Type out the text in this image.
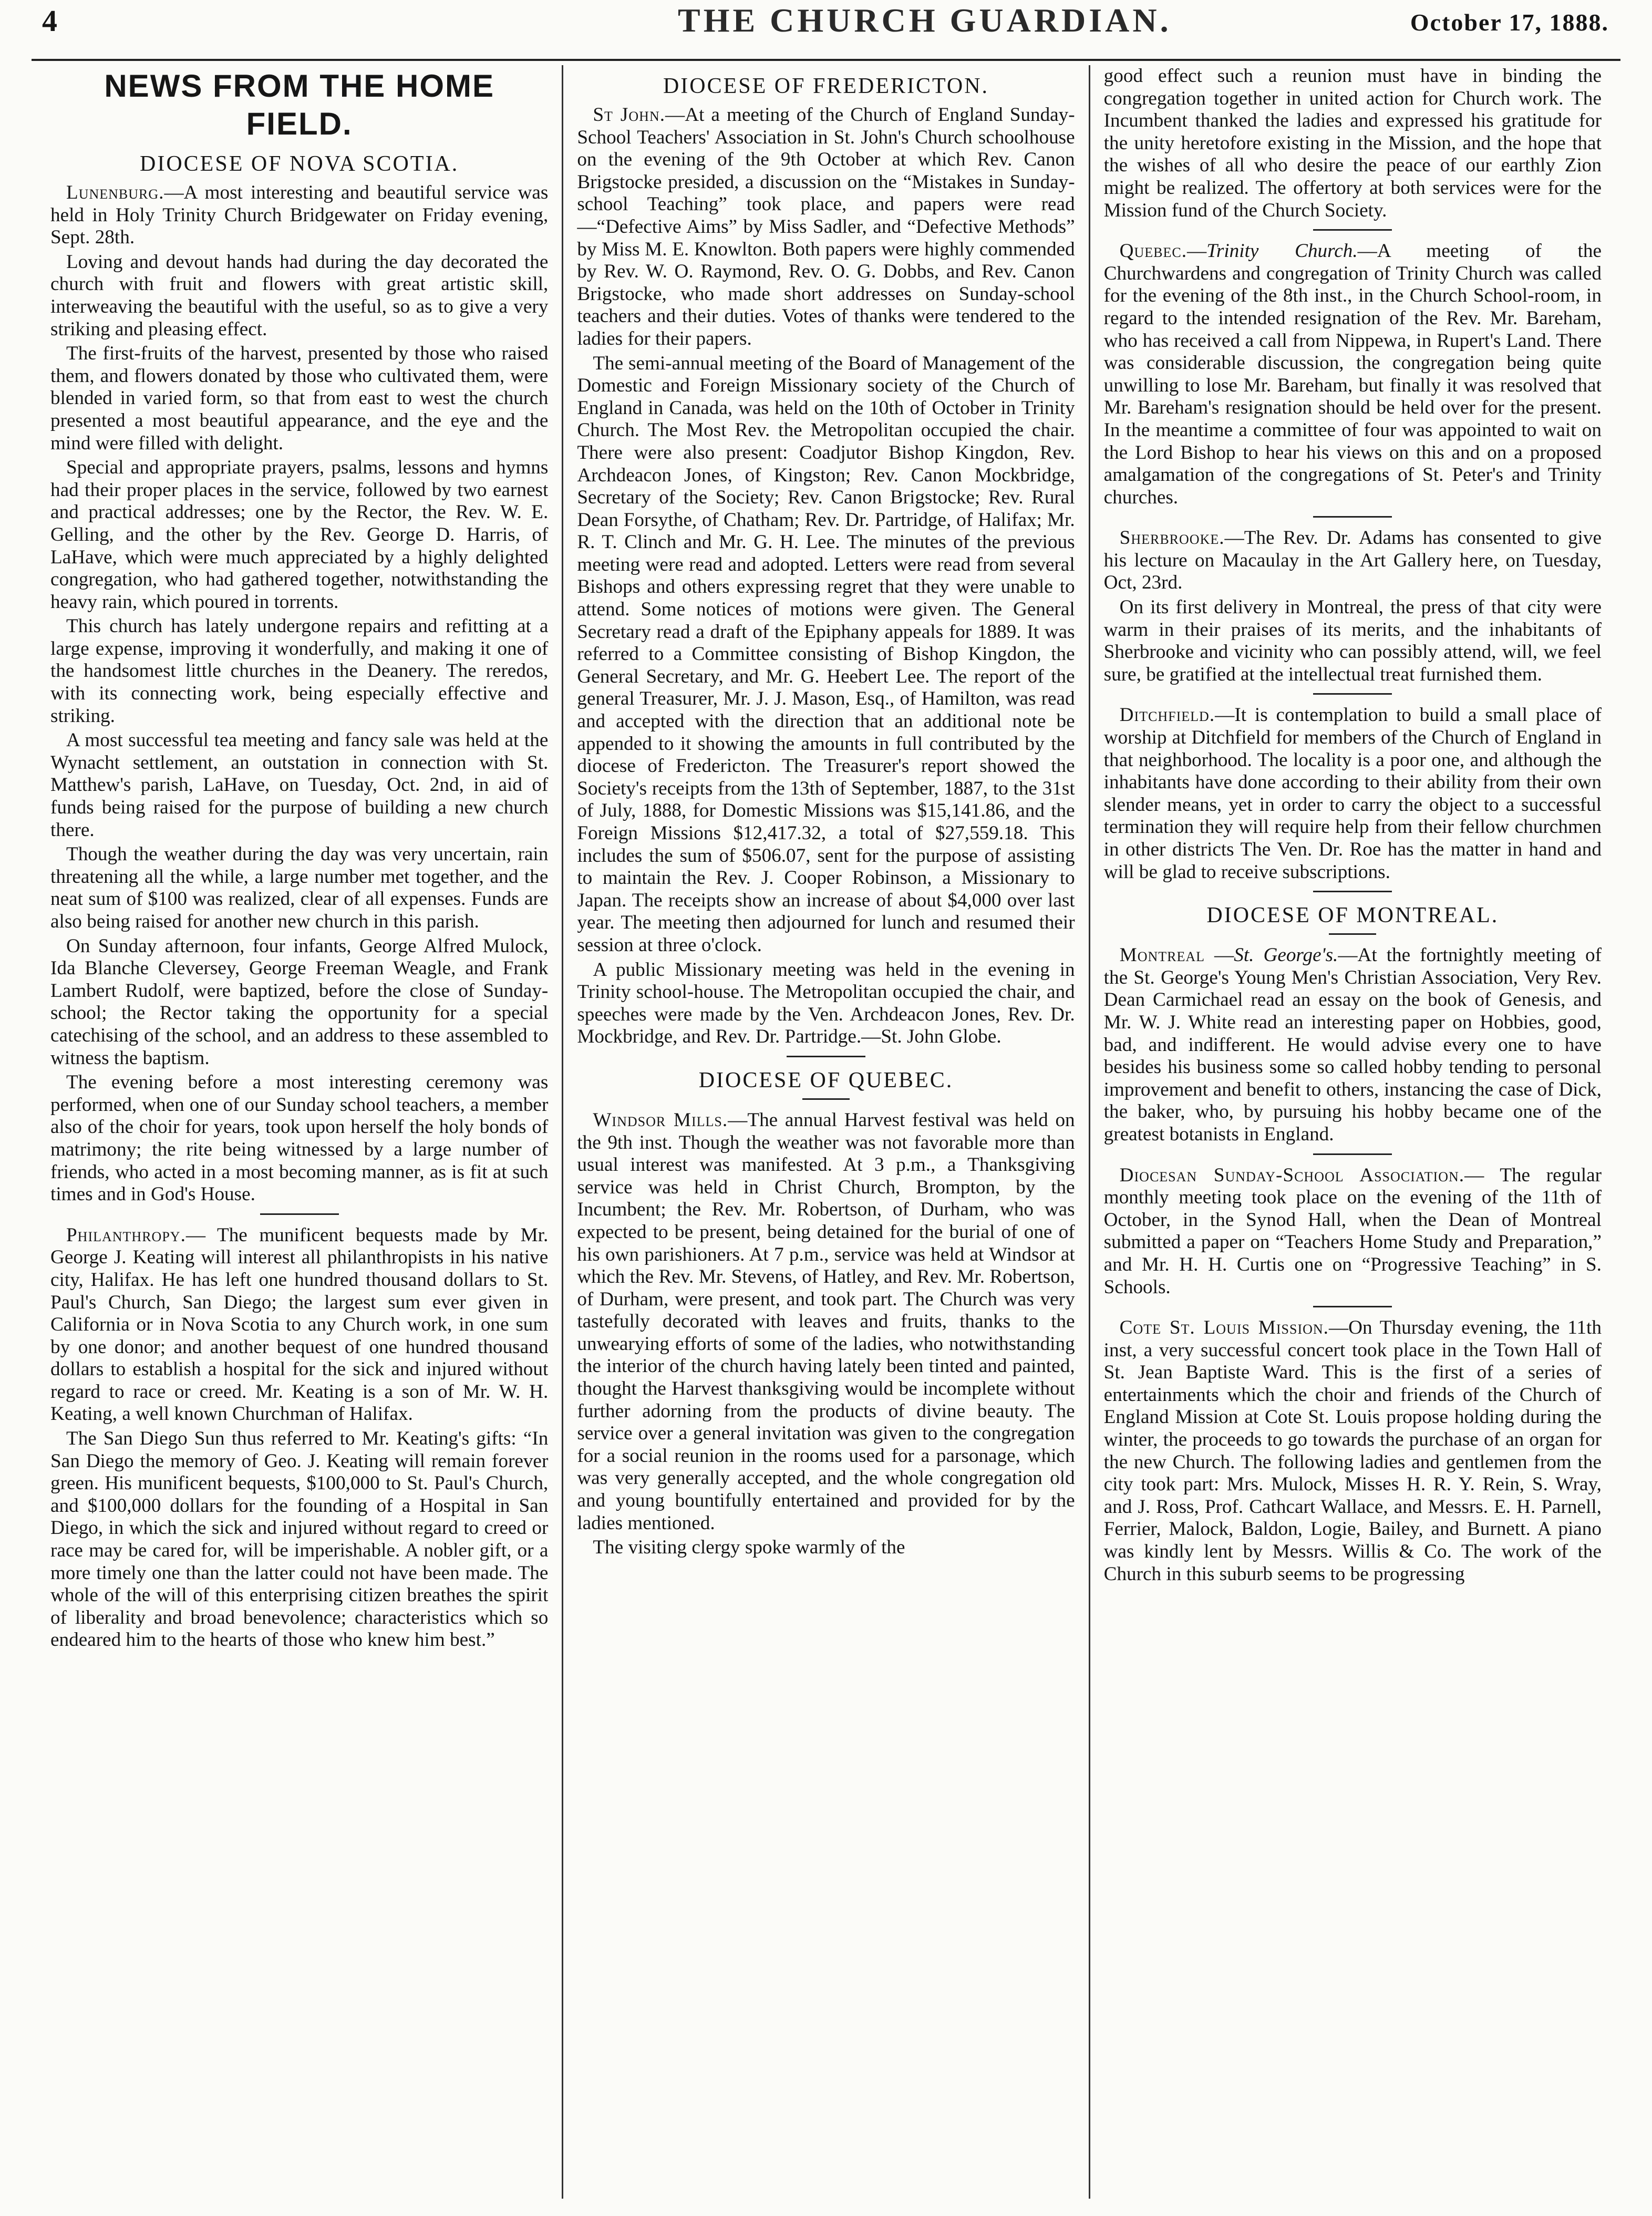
4	THE CHURCH GUARDIAN.	October 17, 1888.
NEWS FROM THE HOME FIELD.
DIOCESE OF NOVA SCOTIA.

Lunenburg.—A most interesting and beautiful service was held in Holy Trinity Church Bridgewater on Friday evening, Sept. 28th.

Loving and devout hands had during the day decorated the church with fruit and flowers with great artistic skill, interweaving the beautiful with the useful, so as to give a very striking and pleasing effect.

The first-fruits of the harvest, presented by those who raised them, and flowers donated by those who cultivated them, were blended in varied form, so that from east to west the church presented a most beautiful appearance, and the eye and the mind were filled with delight.

Special and appropriate prayers, psalms, lessons and hymns had their proper places in the service, followed by two earnest and practical addresses; one by the Rector, the Rev. W. E. Gelling, and the other by the Rev. George D. Harris, of LaHave, which were much appreciated by a highly delighted congregation, who had gathered together, notwithstanding the heavy rain, which poured in torrents.

This church has lately undergone repairs and refitting at a large expense, improving it wonderfully, and making it one of the handsomest little churches in the Deanery. The reredos, with its connecting work, being especially effective and striking.

A most successful tea meeting and fancy sale was held at the Wynacht settlement, an outstation in connection with St. Matthew's parish, LaHave, on Tuesday, Oct. 2nd, in aid of funds being raised for the purpose of building a new church there.

Though the weather during the day was very uncertain, rain threatening all the while, a large number met together, and the neat sum of $100 was realized, clear of all expenses. Funds are also being raised for another new church in this parish.

On Sunday afternoon, four infants, George Alfred Mulock, Ida Blanche Cleversey, George Freeman Weagle, and Frank Lambert Rudolf, were baptized, before the close of Sunday-school; the Rector taking the opportunity for a special catechising of the school, and an address to these assembled to witness the baptism.

The evening before a most interesting ceremony was performed, when one of our Sunday school teachers, a member also of the choir for years, took upon herself the holy bonds of matrimony; the rite being witnessed by a large number of friends, who acted in a most becoming manner, as is fit at such times and in God's House.

Philanthropy.— The munificent bequests made by Mr. George J. Keating will interest all philanthropists in his native city, Halifax. He has left one hundred thousand dollars to St. Paul's Church, San Diego; the largest sum ever given in California or in Nova Scotia to any Church work, in one sum by one donor; and another bequest of one hundred thousand dollars to establish a hospital for the sick and injured without regard to race or creed. Mr. Keating is a son of Mr. W. H. Keating, a well known Churchman of Halifax.

The San Diego Sun thus referred to Mr. Keating's gifts: “In San Diego the memory of Geo. J. Keating will remain forever green. His munificent bequests, $100,000 to St. Paul's Church, and $100,000 dollars for the founding of a Hospital in San Diego, in which the sick and injured without regard to creed or race may be cared for, will be imperishable. A nobler gift, or a more timely one than the latter could not have been made. The whole of the will of this enterprising citizen breathes the spirit of liberality and broad benevolence; characteristics which so endeared him to the hearts of those who knew him best.”

DIOCESE OF FREDERICTON.

St John.—At a meeting of the Church of England Sunday-School Teachers' Association in St. John's Church schoolhouse on the evening of the 9th October at which Rev. Canon Brigstocke presided, a discussion on the “Mistakes in Sunday-school Teaching” took place, and papers were read—“Defective Aims” by Miss Sadler, and “Defective Methods” by Miss M. E. Knowlton. Both papers were highly commended by Rev. W. O. Raymond, Rev. O. G. Dobbs, and Rev. Canon Brigstocke, who made short addresses on Sunday-school teachers and their duties. Votes of thanks were tendered to the ladies for their papers.

The semi-annual meeting of the Board of Management of the Domestic and Foreign Missionary society of the Church of England in Canada, was held on the 10th of October in Trinity Church. The Most Rev. the Metropolitan occupied the chair. There were also present: Coadjutor Bishop Kingdon, Rev. Archdeacon Jones, of Kingston; Rev. Canon Mockbridge, Secretary of the Society; Rev. Canon Brigstocke; Rev. Rural Dean Forsythe, of Chatham; Rev. Dr. Partridge, of Halifax; Mr. R. T. Clinch and Mr. G. H. Lee. The minutes of the previous meeting were read and adopted. Letters were read from several Bishops and others expressing regret that they were unable to attend. Some notices of motions were given. The General Secretary read a draft of the Epiphany appeals for 1889. It was referred to a Committee consisting of Bishop Kingdon, the General Secretary, and Mr. G. Heebert Lee. The report of the general Treasurer, Mr. J. J. Mason, Esq., of Hamilton, was read and accepted with the direction that an additional note be appended to it showing the amounts in full contributed by the diocese of Fredericton. The Treasurer's report showed the Society's receipts from the 13th of September, 1887, to the 31st of July, 1888, for Domestic Missions was $15,141.86, and the Foreign Missions $12,417.32, a total of $27,559.18. This includes the sum of $506.07, sent for the purpose of assisting to maintain the Rev. J. Cooper Robinson, a Missionary to Japan. The receipts show an increase of about $4,000 over last year. The meeting then adjourned for lunch and resumed their session at three o'clock.

A public Missionary meeting was held in the evening in Trinity school-house. The Metropolitan occupied the chair, and speeches were made by the Ven. Archdeacon Jones, Rev. Dr. Mockbridge, and Rev. Dr. Partridge.—St. John Globe.

DIOCESE OF QUEBEC.

Windsor Mills.—The annual Harvest festival was held on the 9th inst. Though the weather was not favorable more than usual interest was manifested. At 3 p.m., a Thanksgiving service was held in Christ Church, Brompton, by the Incumbent; the Rev. Mr. Robertson, of Durham, who was expected to be present, being detained for the burial of one of his own parishioners. At 7 p.m., service was held at Windsor at which the Rev. Mr. Stevens, of Hatley, and Rev. Mr. Robertson, of Durham, were present, and took part. The Church was very tastefully decorated with leaves and fruits, thanks to the unwearying efforts of some of the ladies, who notwithstanding the interior of the church having lately been tinted and painted, thought the Harvest thanksgiving would be incomplete without further adorning from the products of divine beauty. The service over a general invitation was given to the congregation for a social reunion in the rooms used for a parsonage, which was very generally accepted, and the whole congregation old and young bountifully entertained and provided for by the ladies mentioned.

The visiting clergy spoke warmly of the

good effect such a reunion must have in binding the congregation together in united action for Church work. The Incumbent thanked the ladies and expressed his gratitude for the unity heretofore existing in the Mission, and the hope that the wishes of all who desire the peace of our earthly Zion might be realized. The offertory at both services were for the Mission fund of the Church Society.

Quebec.—Trinity Church.—A meeting of the Churchwardens and congregation of Trinity Church was called for the evening of the 8th inst., in the Church School-room, in regard to the intended resignation of the Rev. Mr. Bareham, who has received a call from Nippewa, in Rupert's Land. There was considerable discussion, the congregation being quite unwilling to lose Mr. Bareham, but finally it was resolved that Mr. Bareham's resignation should be held over for the present. In the meantime a committee of four was appointed to wait on the Lord Bishop to hear his views on this and on a proposed amalgamation of the congregations of St. Peter's and Trinity churches.

Sherbrooke.—The Rev. Dr. Adams has consented to give his lecture on Macaulay in the Art Gallery here, on Tuesday, Oct, 23rd.

On its first delivery in Montreal, the press of that city were warm in their praises of its merits, and the inhabitants of Sherbrooke and vicinity who can possibly attend, will, we feel sure, be gratified at the intellectual treat furnished them.

Ditchfield.—It is contemplation to build a small place of worship at Ditchfield for members of the Church of England in that neighborhood. The locality is a poor one, and although the inhabitants have done according to their ability from their own slender means, yet in order to carry the object to a successful termination they will require help from their fellow churchmen in other districts The Ven. Dr. Roe has the matter in hand and will be glad to receive subscriptions.

DIOCESE OF MONTREAL.

Montreal —St. George's.—At the fortnightly meeting of the St. George's Young Men's Christian Association, Very Rev. Dean Carmichael read an essay on the book of Genesis, and Mr. W. J. White read an interesting paper on Hobbies, good, bad, and indifferent. He would advise every one to have besides his business some so called hobby tending to personal improvement and benefit to others, instancing the case of Dick, the baker, who, by pursuing his hobby became one of the greatest botanists in England.

Diocesan Sunday-School Association.— The regular monthly meeting took place on the evening of the 11th of October, in the Synod Hall, when the Dean of Montreal submitted a paper on “Teachers Home Study and Preparation,” and Mr. H. H. Curtis one on “Progressive Teaching” in S. Schools.

Cote St. Louis Mission.—On Thursday evening, the 11th inst, a very successful concert took place in the Town Hall of St. Jean Baptiste Ward. This is the first of a series of entertainments which the choir and friends of the Church of England Mission at Cote St. Louis propose holding during the winter, the proceeds to go towards the purchase of an organ for the new Church. The following ladies and gentlemen from the city took part: Mrs. Mulock, Misses H. R. Y. Rein, S. Wray, and J. Ross, Prof. Cathcart Wallace, and Messrs. E. H. Parnell, Ferrier, Malock, Baldon, Logie, Bailey, and Burnett. A piano was kindly lent by Messrs. Willis & Co. The work of the Church in this suburb seems to be progressing
